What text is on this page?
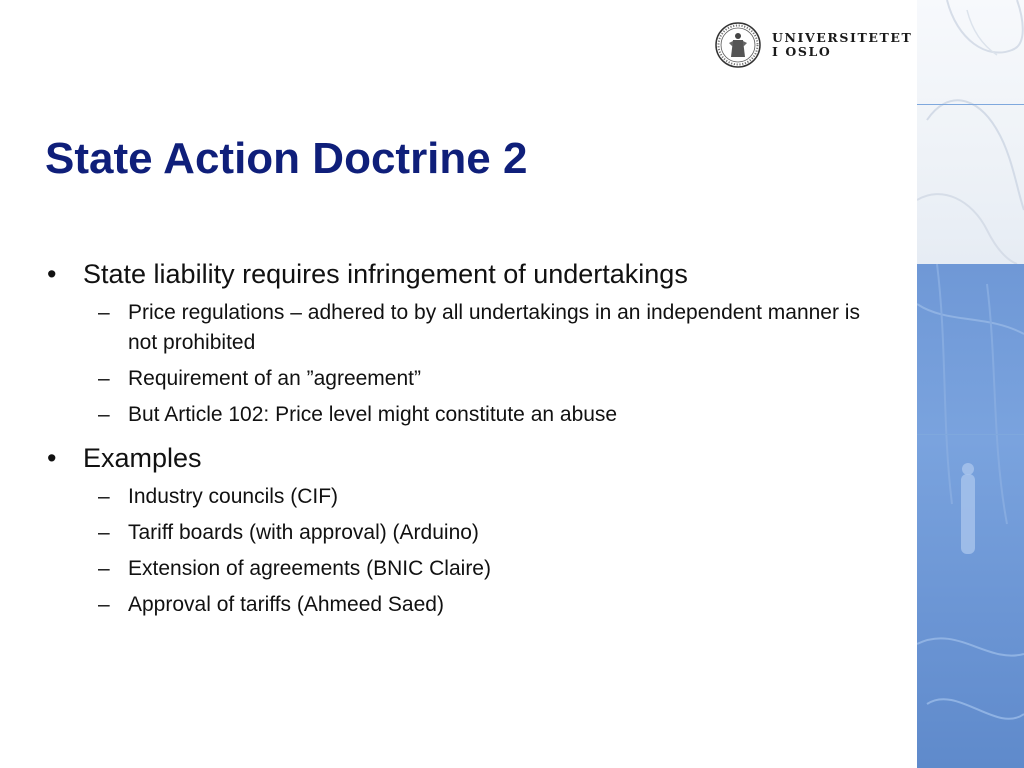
UNIVERSITETET
I OSLO
State Action Doctrine 2

• State liability requires infringement of undertakings

– Price regulations – adhered to by all undertakings in an independent manner is not prohibited
– Requirement of an ”agreement”
– But Article 102: Price level might constitute an abuse

• Examples

– Industry councils (CIF)
– Tariff boards (with approval) (Arduino)
– Extension of agreements (BNIC Claire)
– Approval of tariffs (Ahmeed Saed)
